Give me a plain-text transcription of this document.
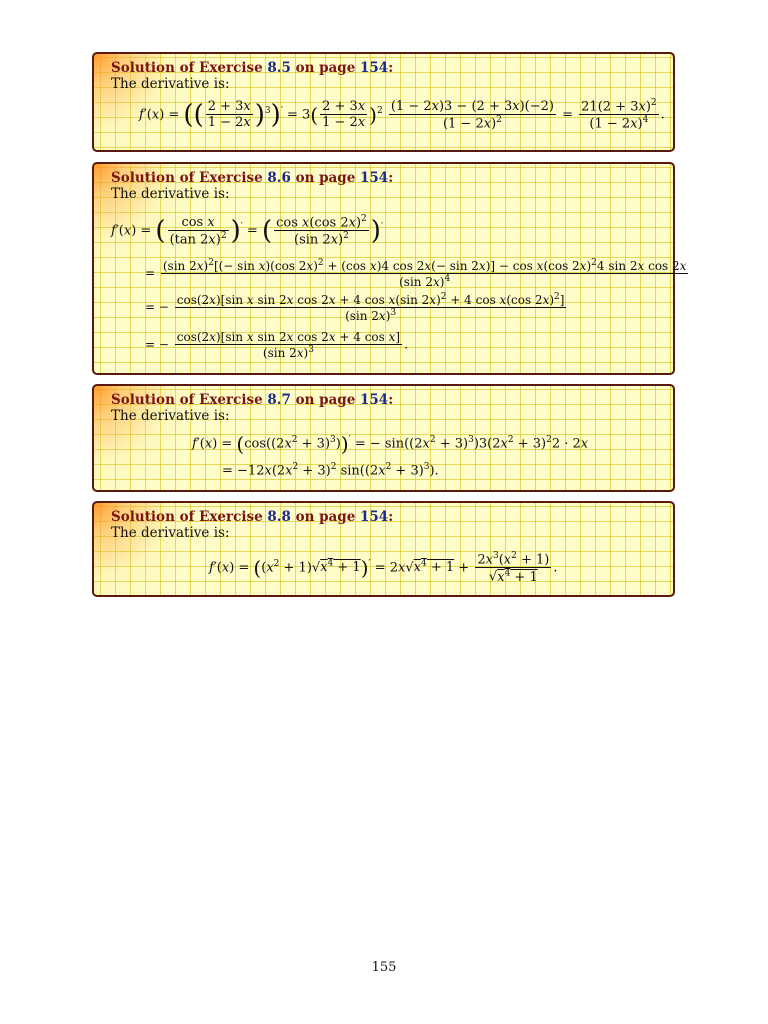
Solution of Exercise 8.5 on page 154:
The derivative is:
f′(x) = (( $\frac{2 + 3x}{1 - 2x} )^3)' = 3( \frac{2 + 3x}{1 - 2x} )^2 \frac{(1 - 2x)3 - (2 + 3x)(-2)}{(1 - 2x)^2} = \frac{21(2 + 3x)^2}{(1 - 2x)^4}$ .
Solution of Exercise 8.6 on page 154:
The derivative is:
f′(x) = ( $\frac{\text{cos x}}{(\tan 2x)^2} )'$ = ( $\frac{\cos x(\cos 2x)^2}{(\sin 2x)^2} )'$
= (sin 2x)$^2$[(− sin x)(cos 2x)$^2$ + (cos x)4 cos 2x(− sin 2x)] − cos x(cos 2x)$^2$4 sin 2x cos 2x
(sin 2x)$^4$
= − cos(2x)[sin x sin 2x cos 2x + 4 cos x(sin 2x)$^2$ + 4 cos x(cos 2x)$^2$]
(sin 2x)$^3$
= − $\frac{\text{cos(2x)[sin x sin 2x cos 2x + 4 cos x]}}{(\sin 2x)^3}$ .
Solution of Exercise 8.7 on page 154:
The derivative is:
$f'(x) = (\cos((2x^2 + 3)^3))'$ = − $\sin((2x^2 + 3)^3)3(2x^2 + 3)^22 \cdot 2x$
= $-12x(2x^2 + 3)^2$ $\sin((2x^2 + 3)^3)$.
Solution of Exercise 8.8 on page 154:
The derivative is:
$f'(x) = ((x^2 + 1)√x^4 + 1)' = 2x√x^4 + 1 + \frac{2x^3(x^2 + 1)}{√x^4 + 1}$ .
155
